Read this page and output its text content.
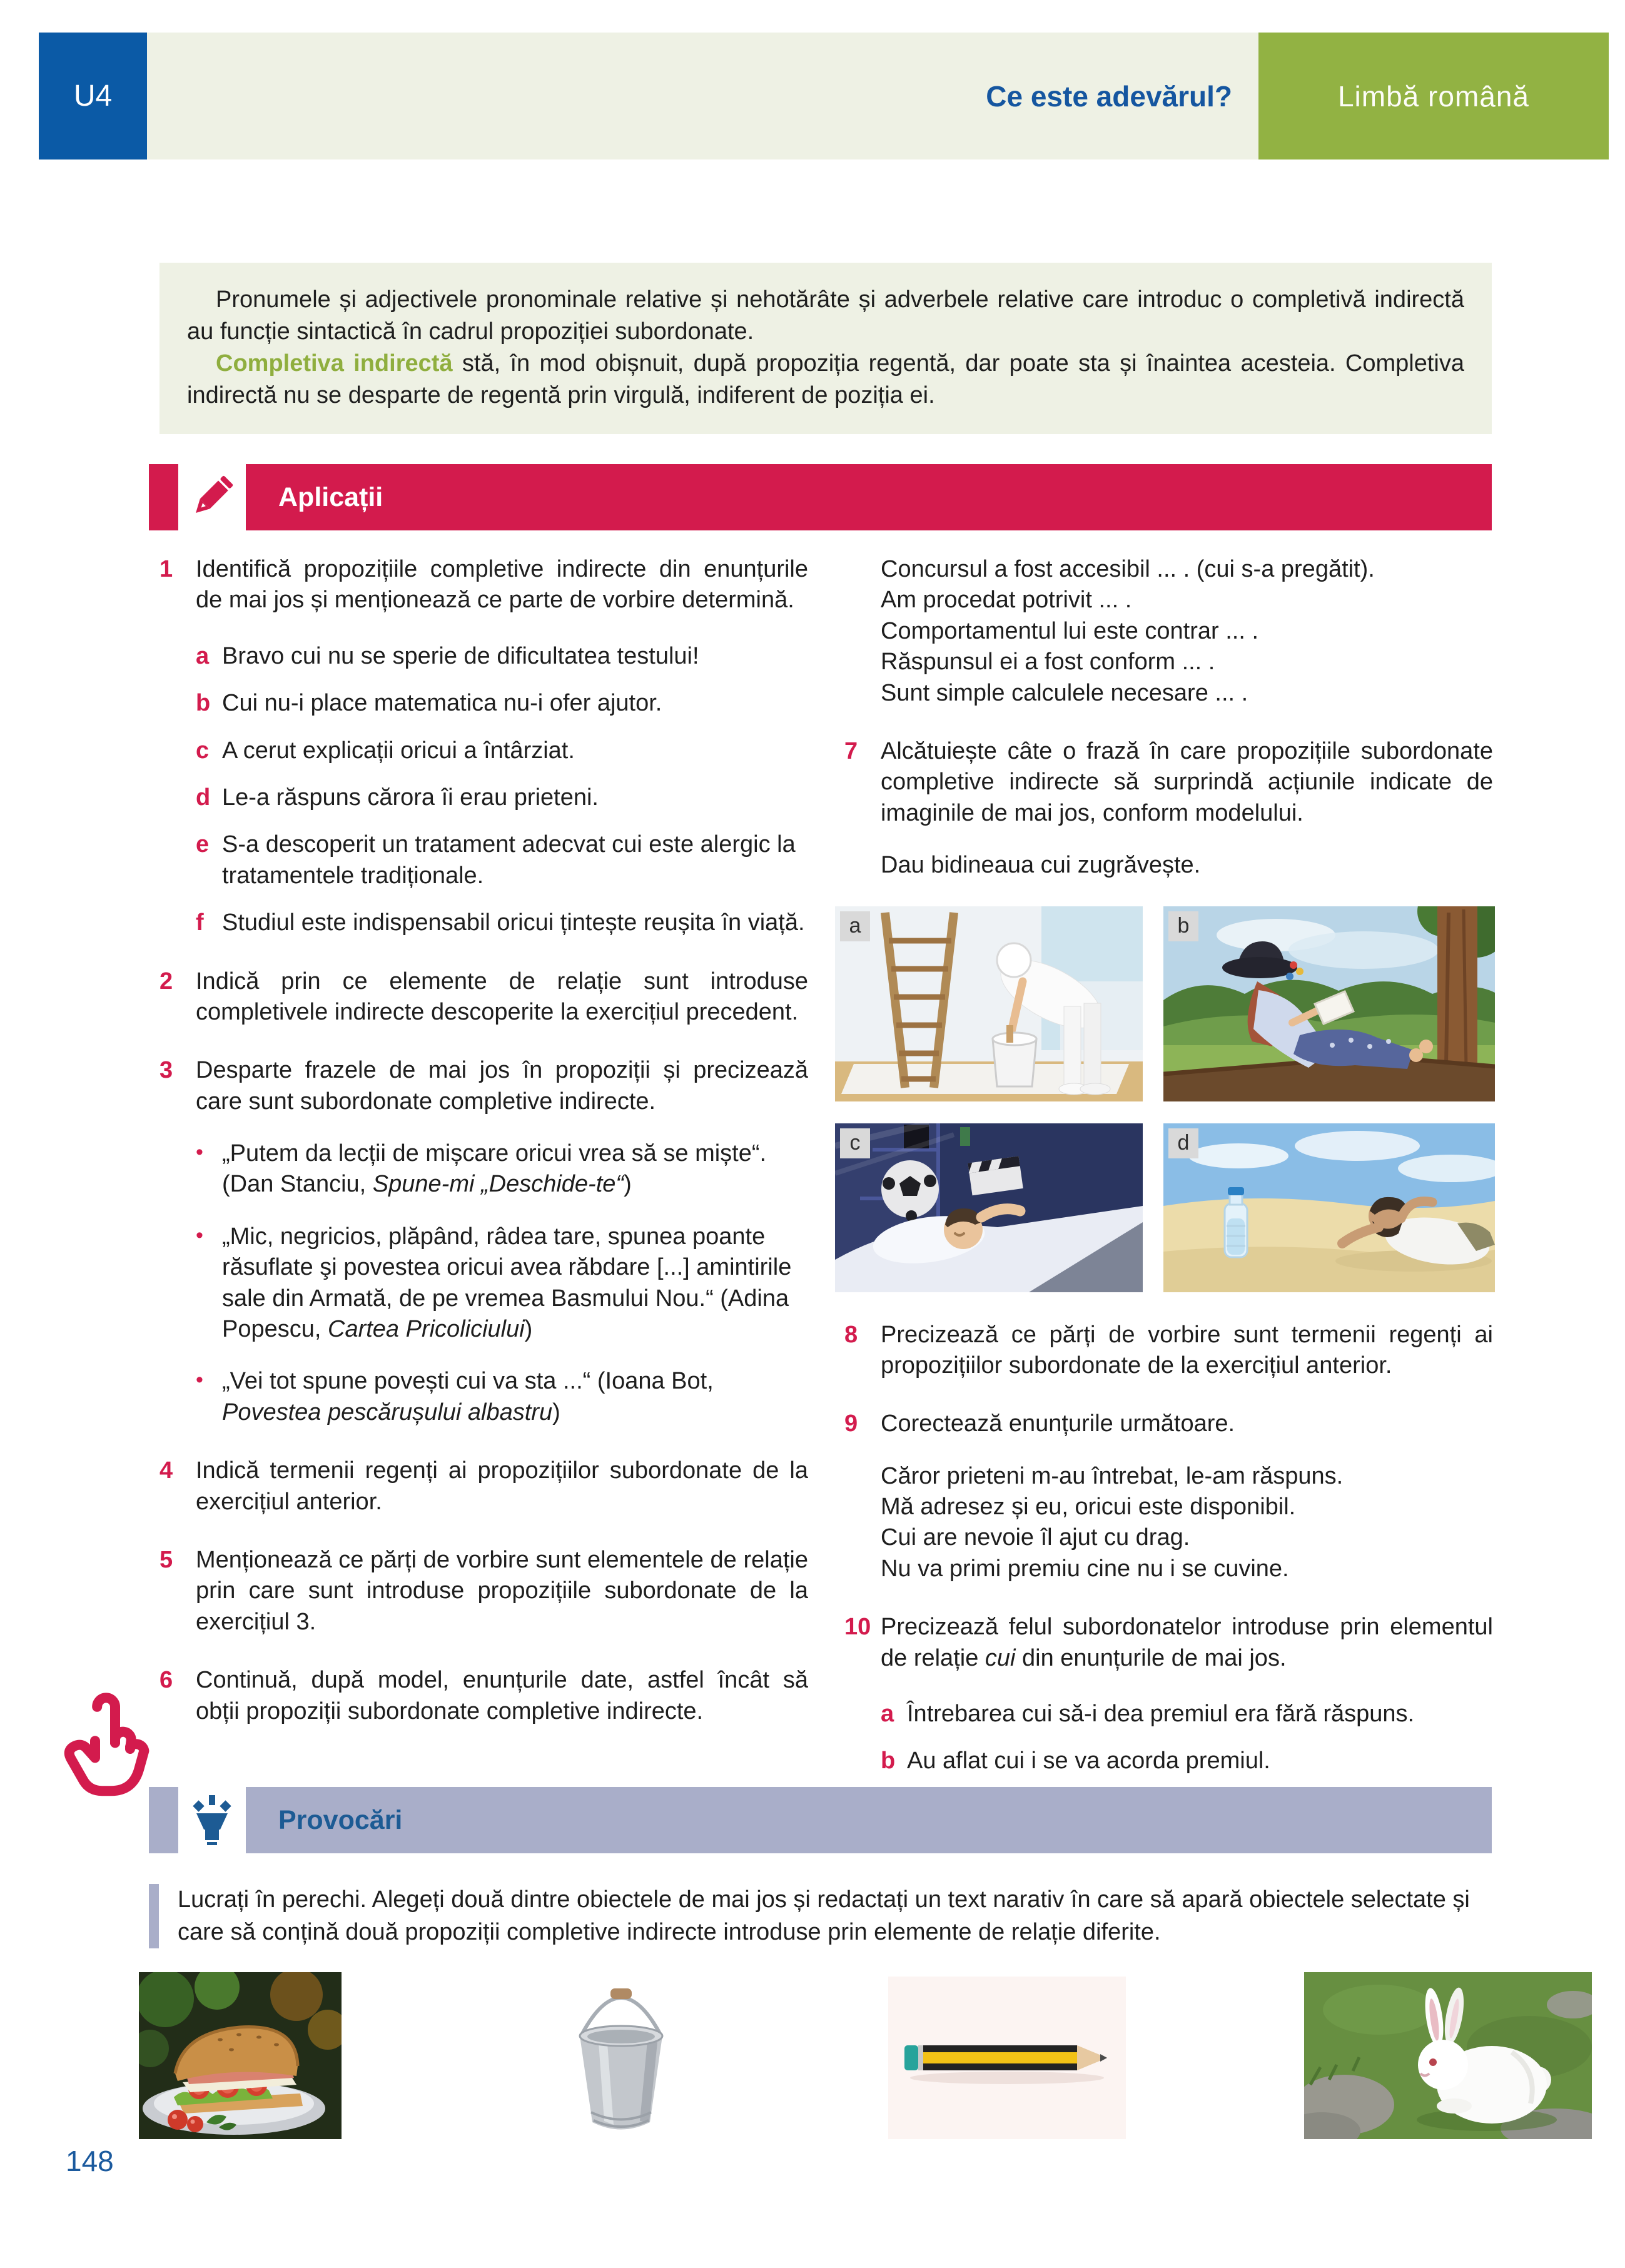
U4	Ce este adevărul?	Limbă română

Pronumele și adjectivele pronominale relative și nehotărâte și adverbele relative care introduc o completivă indirectă au funcție sintactică în cadrul propoziției subordonate.

Completiva indirectă stă, în mod obișnuit, după propoziția regentă, dar poate sta și înaintea acesteia. Completiva indirectă nu se desparte de regentă prin virgulă, indiferent de poziția ei.

Aplicații
1 Identifică propozițiile completive indirecte din enunțurile de mai jos și menționează ce parte de vorbire determină.
a Bravo cui nu se sperie de dificultatea testului!
b Cui nu-i place matematica nu-i ofer ajutor.
c A cerut explicații oricui a întârziat.
d Le-a răspuns cărora îi erau prieteni.
e S-a descoperit un tratament adecvat cui este alergic la tratamentele tradiționale.
f Studiul este indispensabil oricui țintește reușita în viață.
2 Indică prin ce elemente de relație sunt introduse completivele indirecte descoperite la exercițiul precedent.
3 Desparte frazele de mai jos în propoziții și precizează care sunt subordonate completive indirecte.
• „Putem da lecții de mișcare oricui vrea să se miște“. (Dan Stanciu, Spune-mi „Deschide-te“)
• „Mic, negricios, plăpând, râdea tare, spunea poante răsuflate şi povestea oricui avea răbdare [...] amintirile sale din Armată, de pe vremea Basmului Nou.“ (Adina Popescu, Cartea Pricoliciului)
• „Vei tot spune povești cui va sta ...“ (Ioana Bot, Povestea pescărușului albastru)
4 Indică termenii regenți ai propozițiilor subordonate de la exercițiul anterior.
5 Menționează ce părți de vorbire sunt elementele de relație prin care sunt introduse propozițiile subordonate de la exercițiul 3.
6 Continuă, după model, enunțurile date, astfel încât să obții propoziții subordonate completive indirecte.
Concursul a fost accesibil ... . (cui s-a pregătit).
Am procedat potrivit ... .
Comportamentul lui este contrar ... .
Răspunsul ei a fost conform ... .
Sunt simple calculele necesare ... .
7 Alcătuiește câte o frază în care propozițiile subordonate completive indirecte să surprindă acțiunile indicate de imaginile de mai jos, conform modelului.
Dau bidineaua cui zugrăvește.
a	b
c	d
8 Precizează ce părți de vorbire sunt termenii regenți ai propozițiilor subordonate de la exercițiul anterior.
9 Corectează enunțurile următoare.
Căror prieteni m-au întrebat, le-am răspuns.
Mă adresez și eu, oricui este disponibil.
Cui are nevoie îl ajut cu drag.
Nu va primi premiu cine nu i se cuvine.
10 Precizează felul subordonatelor introduse prin elementul de relație cui din enunțurile de mai jos.
a Întrebarea cui să-i dea premiul era fără răspuns.
b Au aflat cui i se va acorda premiul.
Provocări
Lucrați în perechi. Alegeți două dintre obiectele de mai jos și redactați un text narativ în care să apară obiectele selectate și care să conțină două propoziții completive indirecte introduse prin elemente de relație diferite.
148
